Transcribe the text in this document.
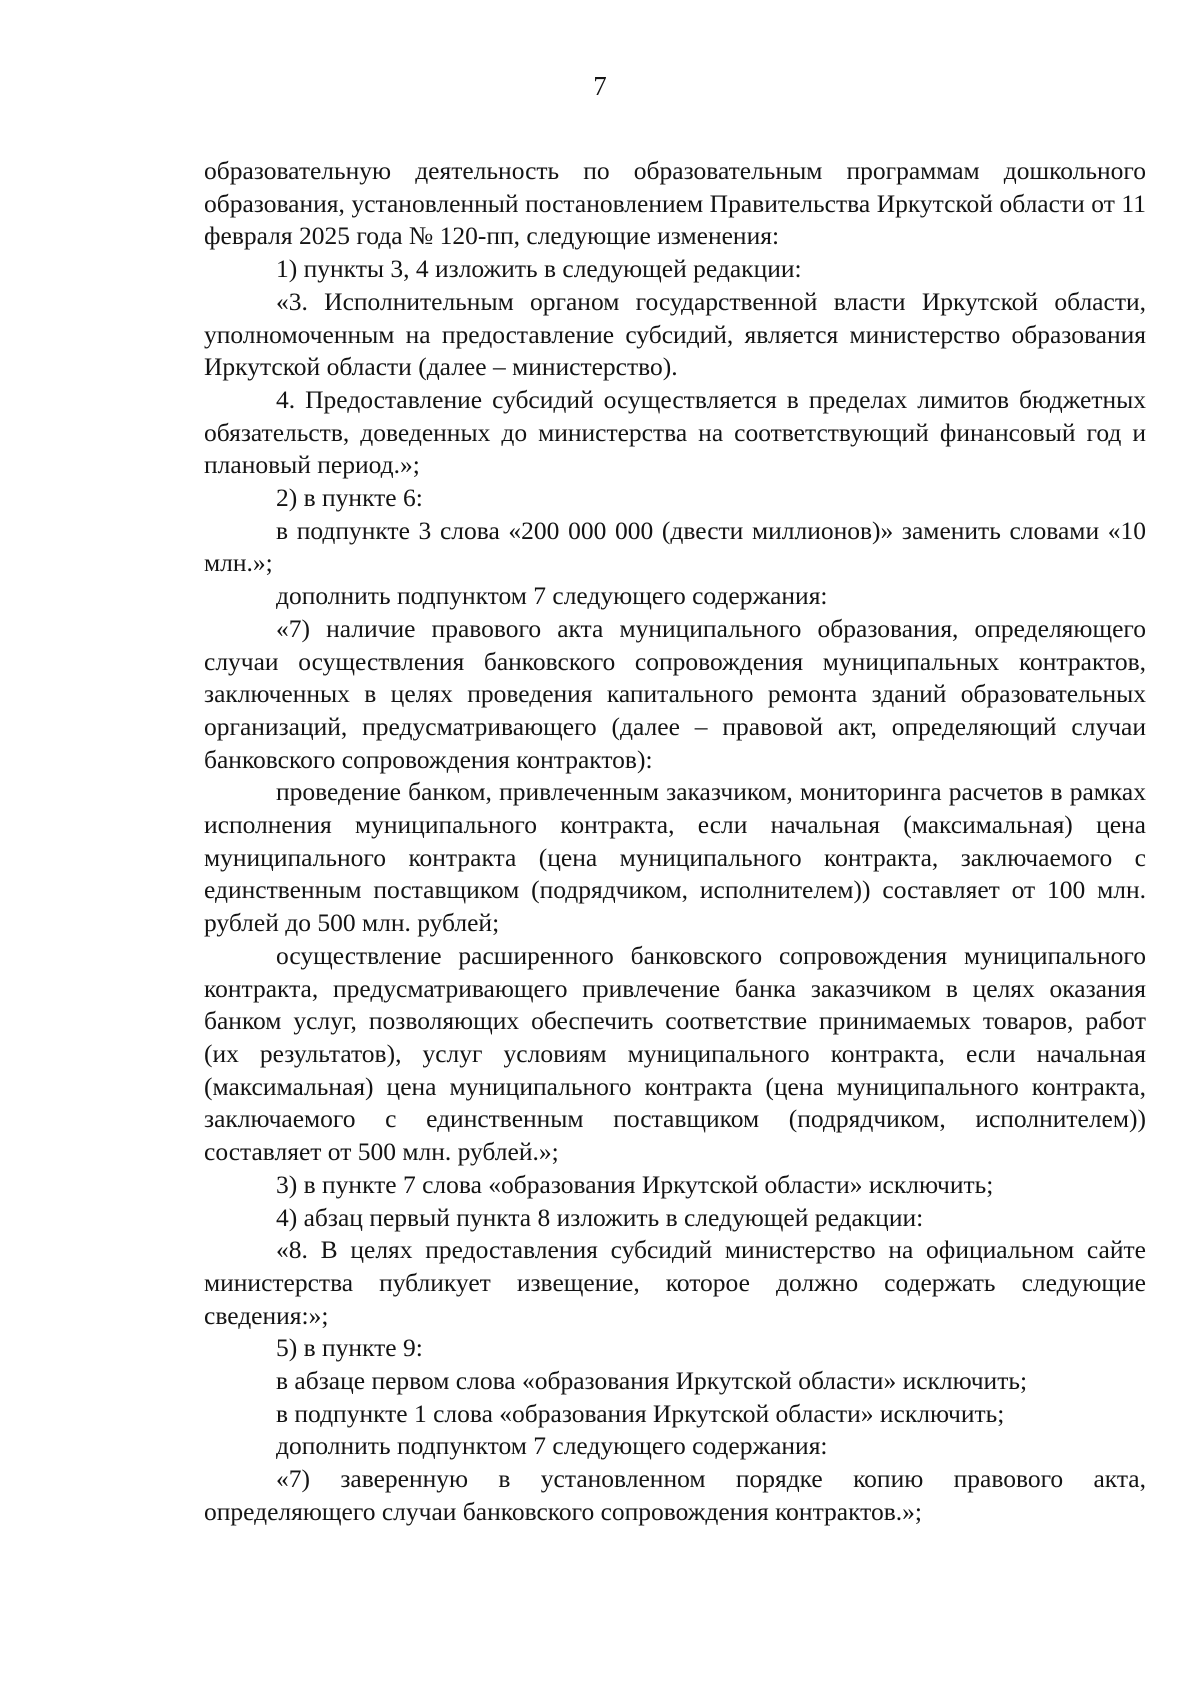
7

образовательную деятельность по образовательным программам дошкольного образования, установленный постановлением Правительства Иркутской области от 11 февраля 2025 года № 120-пп, следующие изменения:

1) пункты 3, 4 изложить в следующей редакции:

«3. Исполнительным органом государственной власти Иркутской области, уполномоченным на предоставление субсидий, является министерство образования Иркутской области (далее – министерство).

4. Предоставление субсидий осуществляется в пределах лимитов бюджетных обязательств, доведенных до министерства на соответствующий финансовый год и плановый период.»;

2) в пункте 6:

в подпункте 3 слова «200 000 000 (двести миллионов)» заменить словами «10 млн.»;

дополнить подпунктом 7 следующего содержания:

«7) наличие правового акта муниципального образования, определяющего случаи осуществления банковского сопровождения муниципальных контрактов, заключенных в целях проведения капитального ремонта зданий образовательных организаций, предусматривающего (далее – правовой акт, определяющий случаи банковского сопровождения контрактов):

проведение банком, привлеченным заказчиком, мониторинга расчетов в рамках исполнения муниципального контракта, если начальная (максимальная) цена муниципального контракта (цена муниципального контракта, заключаемого с единственным поставщиком (подрядчиком, исполнителем)) составляет от 100 млн. рублей до 500 млн. рублей;

осуществление расширенного банковского сопровождения муниципального контракта, предусматривающего привлечение банка заказчиком в целях оказания банком услуг, позволяющих обеспечить соответствие принимаемых товаров, работ (их результатов), услуг условиям муниципального контракта, если начальная (максимальная) цена муниципального контракта (цена муниципального контракта, заключаемого с единственным поставщиком (подрядчиком, исполнителем)) составляет от 500 млн. рублей.»;

3) в пункте 7 слова «образования Иркутской области» исключить;

4) абзац первый пункта 8 изложить в следующей редакции:

«8. В целях предоставления субсидий министерство на официальном сайте министерства публикует извещение, которое должно содержать следующие сведения:»;

5) в пункте 9:

в абзаце первом слова «образования Иркутской области» исключить;

в подпункте 1 слова «образования Иркутской области» исключить;

дополнить подпунктом 7 следующего содержания:

«7) заверенную в установленном порядке копию правового акта, определяющего случаи банковского сопровождения контрактов.»;
